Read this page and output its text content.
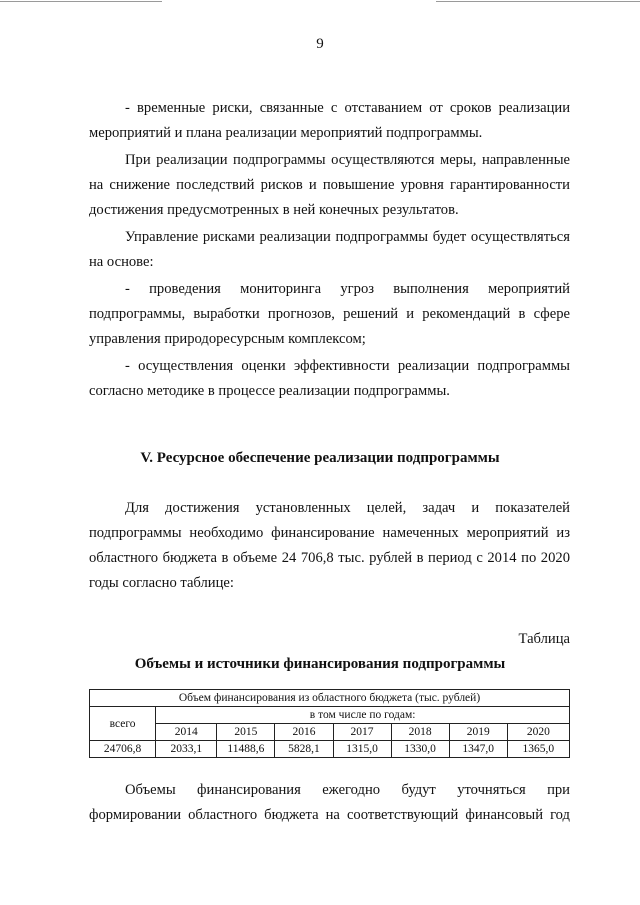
9

- временные риски, связанные с отставанием от сроков реализации мероприятий и плана реализации мероприятий подпрограммы.

При реализации подпрограммы осуществляются меры, направленные на снижение последствий рисков и повышение уровня гарантированности достижения предусмотренных в ней конечных результатов.

Управление рисками реализации подпрограммы будет осуществляться на основе:

- проведения мониторинга угроз выполнения мероприятий подпрограммы, выработки прогнозов, решений и рекомендаций в сфере управления природоресурсным комплексом;

- осуществления оценки эффективности реализации подпрограммы согласно методике в процессе реализации подпрограммы.

V. Ресурсное обеспечение реализации подпрограммы

Для достижения установленных целей, задач и показателей подпрограммы необходимо финансирование намеченных мероприятий из областного бюджета в объеме 24 706,8 тыс. рублей в период с 2014 по 2020 годы согласно таблице:

Таблица
Объемы и источники финансирования подпрограммы
Объем финансирования из областного бюджета (тыс. рублей)							
всего	в том числе по годам:						
	2014	2015	2016	2017	2018	2019	2020
24706,8	2033,1	11488,6	5828,1	1315,0	1330,0	1347,0	1365,0

Объемы финансирования ежегодно будут уточняться при формировании областного бюджета на соответствующий финансовый год
